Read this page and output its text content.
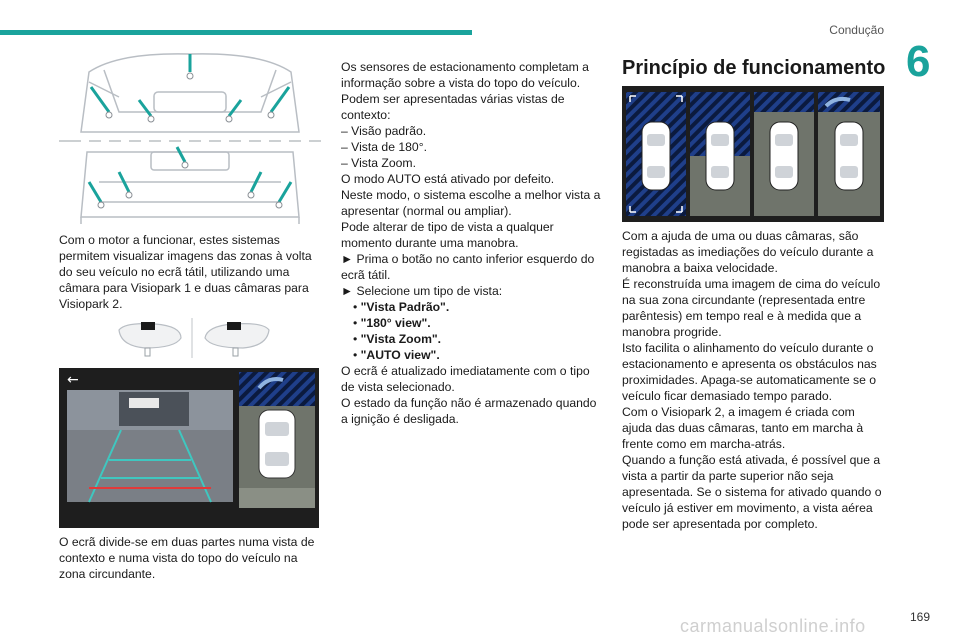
Condução
6

Com o motor a funcionar, estes sistemas permitem visualizar imagens das zonas à volta do seu veículo no ecrã tátil, utilizando uma câmara para Visiopark 1 e duas câmaras para Visiopark 2.

←

O ecrã divide-se em duas partes numa vista de contexto e numa vista do topo do veículo na zona circundante.

Os sensores de estacionamento completam a informação sobre a vista do topo do veículo.

Podem ser apresentadas várias vistas de contexto:

– Visão padrão.

– Vista de 180°.

– Vista Zoom.

O modo AUTO está ativado por defeito.

Neste modo, o sistema escolhe a melhor vista a apresentar (normal ou ampliar).

Pode alterar de tipo de vista a qualquer momento durante uma manobra.

► Prima o botão no canto inferior esquerdo do ecrã tátil.

► Selecione um tipo de vista:

• "Vista Padrão".

• "180° view".

• "Vista Zoom".

• "AUTO view".

O ecrã é atualizado imediatamente com o tipo de vista selecionado.

O estado da função não é armazenado quando a ignição é desligada.

Princípio de funcionamento

Com a ajuda de uma ou duas câmaras, são registadas as imediações do veículo durante a manobra a baixa velocidade.

É reconstruída uma imagem de cima do veículo na sua zona circundante (representada entre parêntesis) em tempo real e à medida que a manobra progride.

Isto facilita o alinhamento do veículo durante o estacionamento e apresenta os obstáculos nas proximidades. Apaga-se automaticamente se o veículo ficar demasiado tempo parado.

Com o Visiopark 2, a imagem é criada com ajuda das duas câmaras, tanto em marcha à frente como em marcha-atrás.

Quando a função está ativada, é possível que a vista a partir da parte superior não seja apresentada. Se o sistema for ativado quando o veículo já estiver em movimento, a vista aérea pode ser apresentada por completo.

169
carmanualsonline.info
